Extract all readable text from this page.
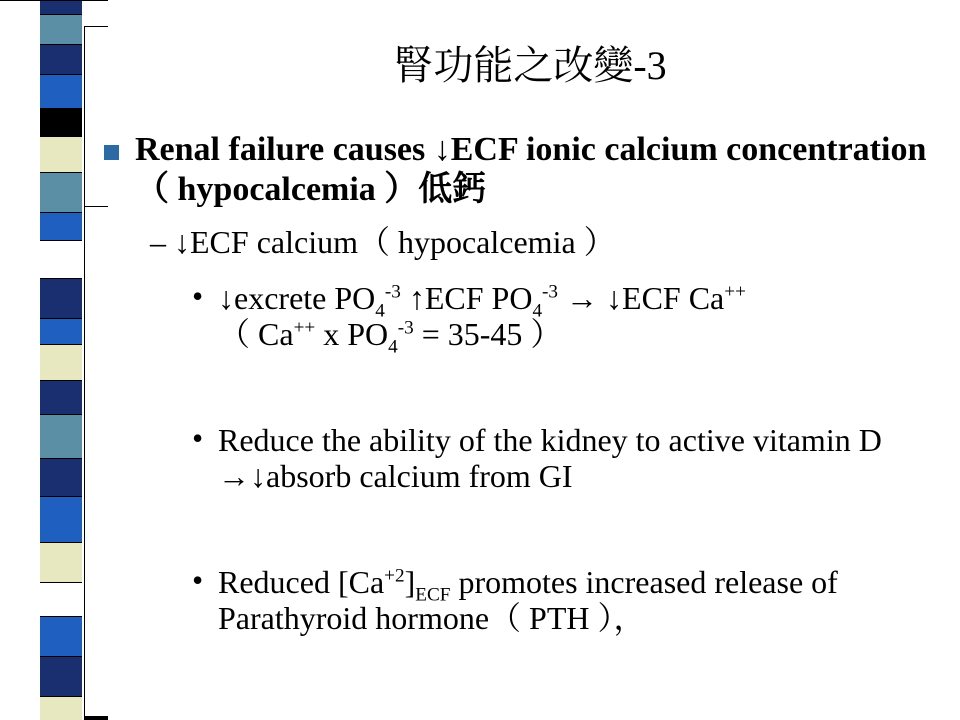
腎功能之改變-3
Renal failure causes ↓ECF ionic calcium concentration（ hypocalcemia ）低鈣
– ↓ECF calcium（ hypocalcemia ）
• ↓excrete $PO_4^{-3}$ ↑ECF $PO_4^{-3}$ → ↓ECF Ca++
（ Ca++ x $PO_4^{-3} = 35-45$ ）
• Reduce the ability of the kidney to active vitamin D →↓absorb calcium from GI
• Reduced $[Ca^{+2}]_{ECF}$ promotes increased release of Parathyroid hormone（ PTH ），
